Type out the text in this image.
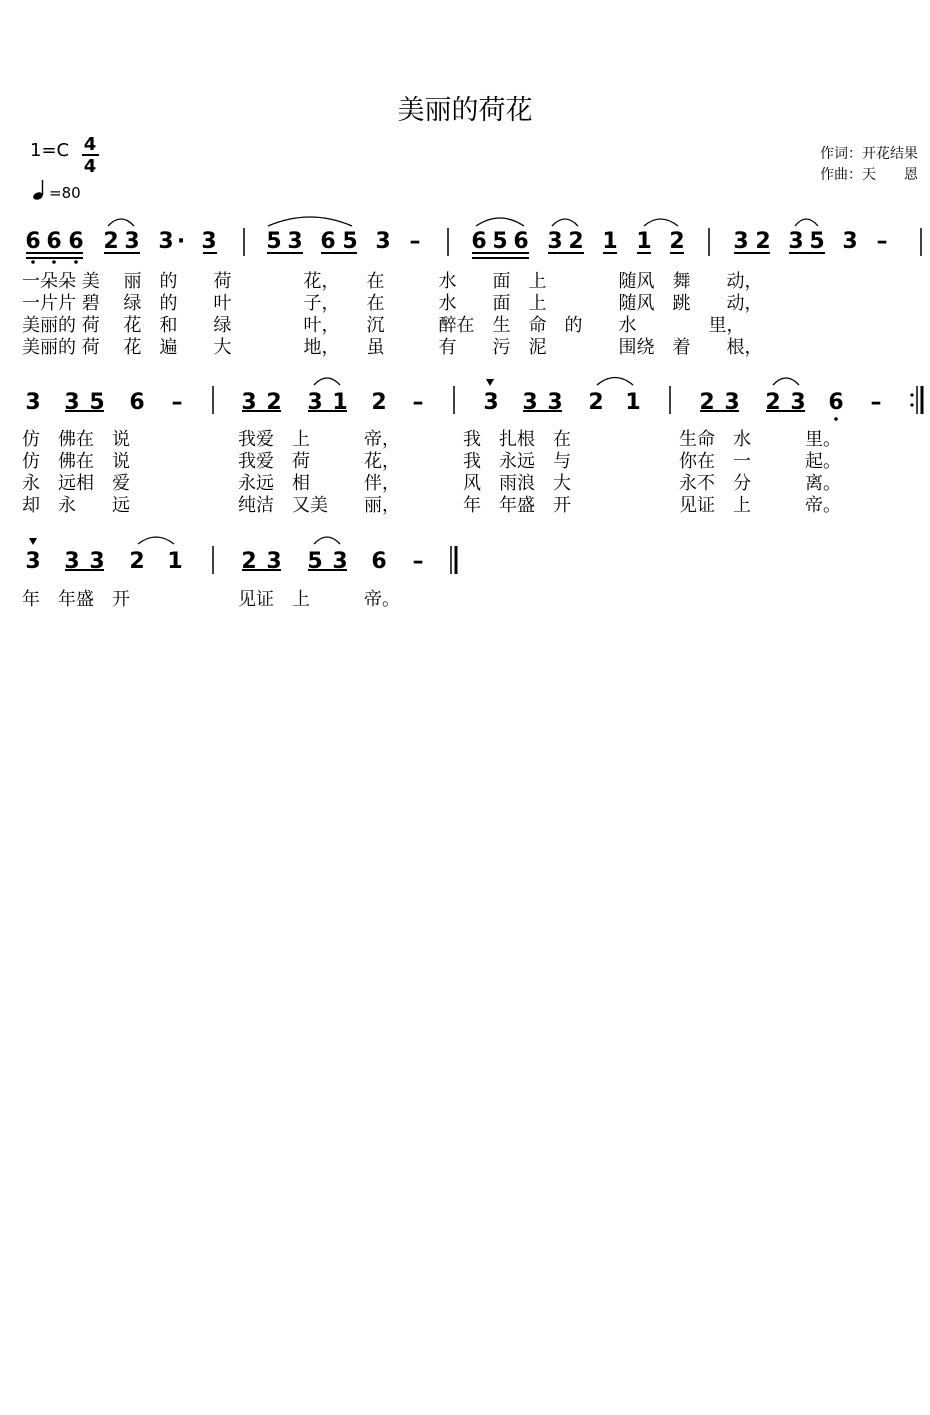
美丽的荷花
1=C 4
4
=80
6 6 6 2 3 3 · 3 5 3 6 5 3 – 6 5 6 3 2 1 1 2 3 2 3 5 3 –
3 3 5 6 –	3 2 3 1 2 –	3 3 3 2 1	2 3 2 3 6 –
3 3 3 2 1	2 3 5 3 6 –
一朵朵 美　 丽　的　　荷　　　　花，　　在　　　水　　面　上　　　　随风　舞　　动，
一片片 碧　 绿　的　　叶　　　　子，　　在　　　水　　面　上　　　　随风　跳　　动，
美丽的 荷　 花　和　　绿　　　　叶，　　沉　　　醉在　生　命　的　　水　　　　里，
美丽的 荷　 花　遍　　大　　　　地，　　虽　　　有　　污　泥　　　　围绕　着　　根，
仿　佛在　说　　　　　　我爱　上　　　帝，　　　　我　扎根　在　　　　　　生命　水　　　里。
仿　佛在　说　　　　　　我爱　荷　　　花，　　　　我　永远　与　　　　　　你在　一　　　起。
永　远相　爱　　　　　　永远　相　　　伴，　　　　风　雨浪　大　　　　　　永不　分　　　离。
却　永　　远　　　　　　纯洁　又美　　丽，　　　　年　年盛　开　　　　　　见证　上　　　帝。
年　年盛　开　　　　　　见证　上　　　帝。
作词：开花结果
作曲：天　　恩
